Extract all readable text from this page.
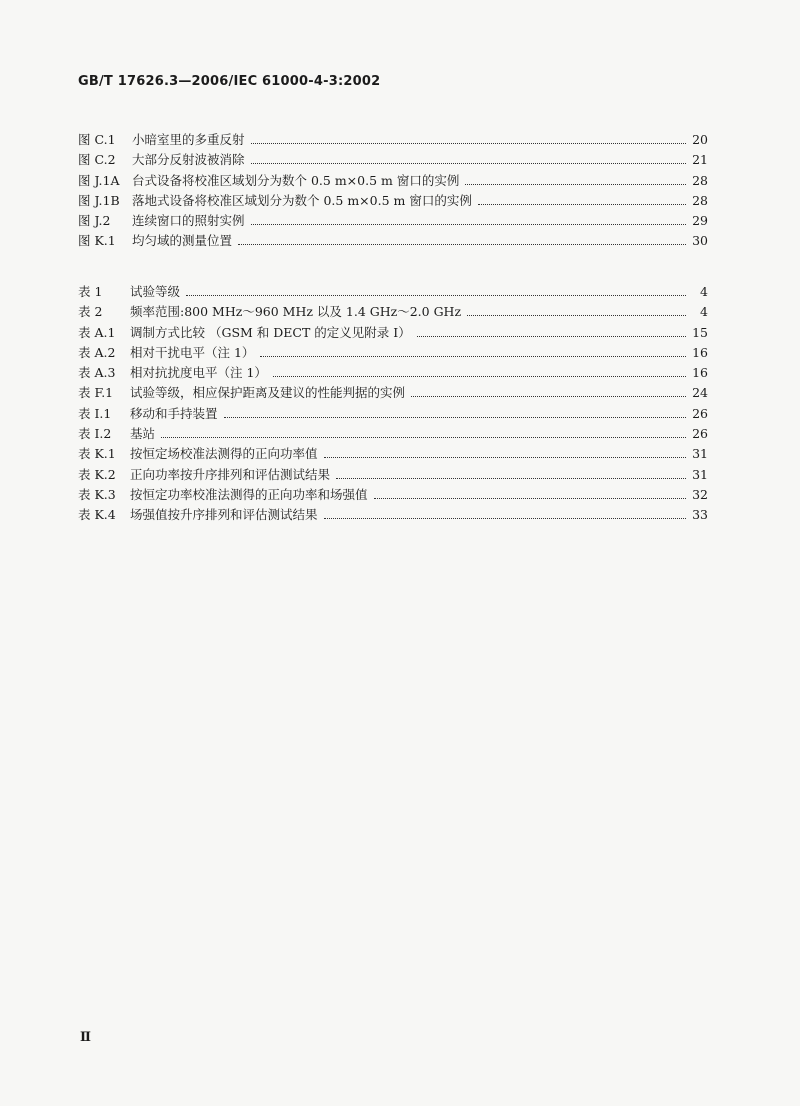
GB/T 17626.3—2006/IEC 61000-4-3:2002
图 C.1	小暗室里的多重反射	20
图 C.2	大部分反射波被消除	21
图 J.1A	台式设备将校准区域划分为数个 0.5 m×0.5 m 窗口的实例	28
图 J.1B 落地式设备将校准区域划分为数个 0.5 m×0.5 m 窗口的实例	28
图 J.2	连续窗口的照射实例	29
图 K.1	均匀域的测量位置	30
表 1	试验等级	4
表 2	频率范围:800 MHz～960 MHz 以及 1.4 GHz～2.0 GHz	4
表 A.1	调制方式比较 （GSM 和 DECT 的定义见附录 I）	15
表 A.2	相对干扰电平（注 1）	16
表 A.3	相对抗扰度电平（注 1）	16
表 F.1	试验等级，相应保护距离及建议的性能判据的实例	24
表 I.1	移动和手持装置	26
表 I.2	基站	26
表 K.1	按恒定场校准法测得的正向功率值	31
表 K.2	正向功率按升序排列和评估测试结果	31
表 K.3	按恒定功率校准法测得的正向功率和场强值	32
表 K.4	场强值按升序排列和评估测试结果	33
Ⅱ
